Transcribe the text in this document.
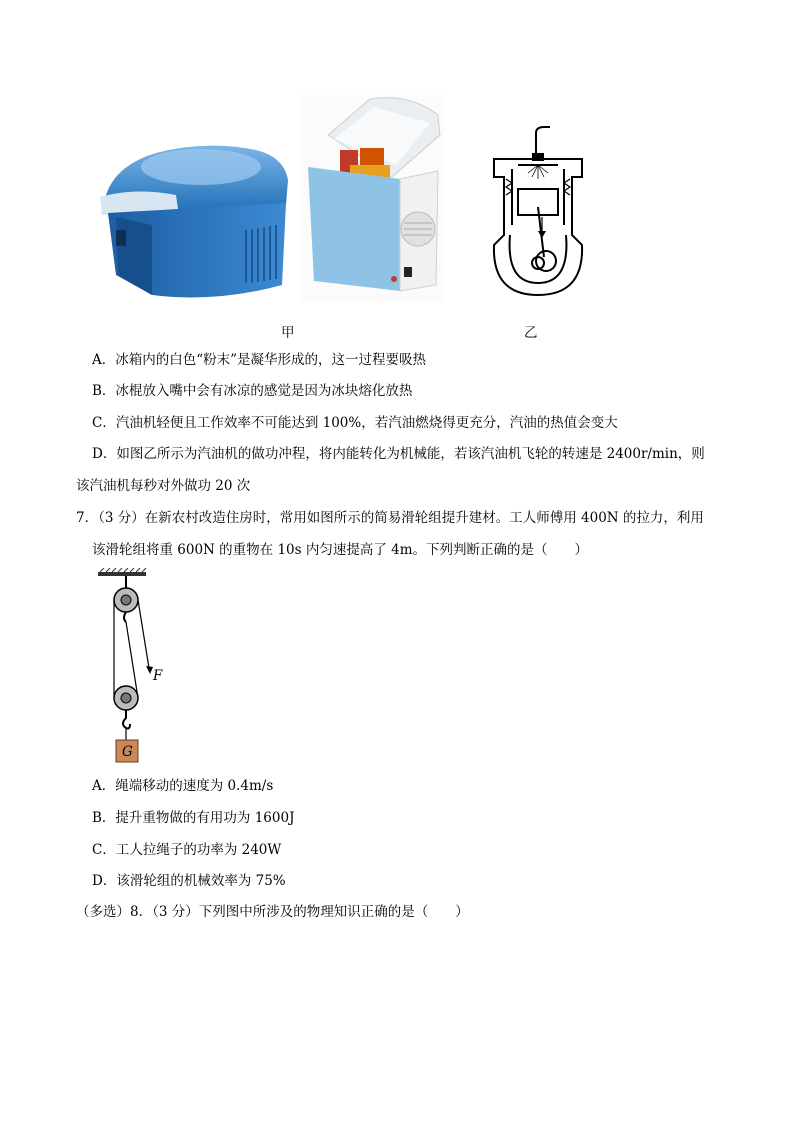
甲	乙
A．冰箱内的白色“粉末”是凝华形成的，这一过程要吸热
B．冰棍放入嘴中会有冰凉的感觉是因为冰块熔化放热
C．汽油机轻便且工作效率不可能达到 100%，若汽油燃烧得更充分，汽油的热值会变大
D．如图乙所示为汽油机的做功冲程，将内能转化为机械能，若该汽油机飞轮的转速是 2400r/min，则
该汽油机每秒对外做功 20 次
7．（3 分）在新农村改造住房时，常用如图所示的简易滑轮组提升建材。工人师傅用 400N 的拉力，利用
该滑轮组将重 600N 的重物在 10s 内匀速提高了 4m。下列判断正确的是（　　）
F
G
A．绳端移动的速度为 0.4m/s
B．提升重物做的有用功为 1600J
C．工人拉绳子的功率为 240W
D．该滑轮组的机械效率为 75%
（多选）8．（3 分）下列图中所涉及的物理知识正确的是（　　）
